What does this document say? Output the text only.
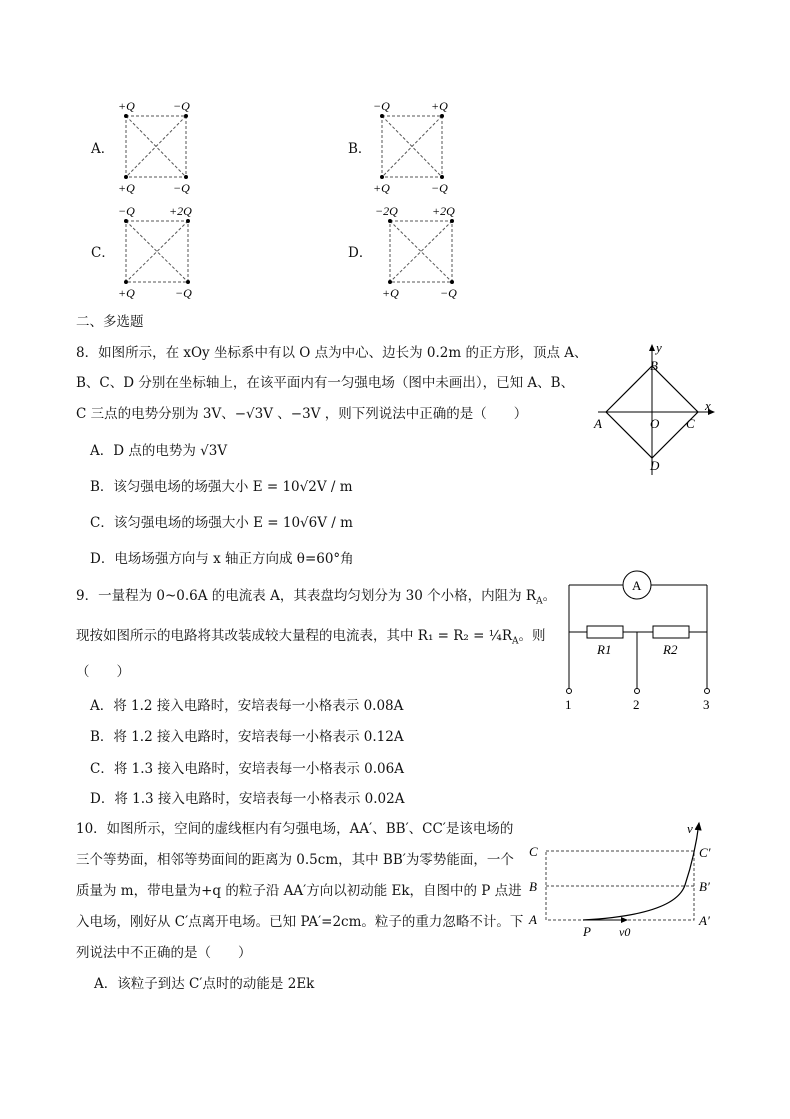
A．
+Q	−Q
+Q	−Q
B．
−Q	+Q
+Q	−Q
C．
−Q	+2Q
+Q	−Q
D．
−2Q	+2Q
+Q	−Q
二、多选题
8．如图所示，在 xOy 坐标系中有以 O 点为中心、边长为 0.2m 的正方形，顶点 A、
B、C、D 分别在坐标轴上，在该平面内有一匀强电场（图中未画出），已知 A、B、
C 三点的电势分别为 3V、−√3V 、−3V ，则下列说法中正确的是（　　）
A．D 点的电势为 √3V
B．该匀强电场的场强大小 E = 10√2V / m
C．该匀强电场的场强大小 E = 10√6V / m
D．电场场强方向与 x 轴正方向成 θ=60°角
x
y
A
B
C
D
O
9．一量程为 0~0.6A 的电流表 A，其表盘均匀划分为 30 个小格，内阻为 $R_A$。
现按如图所示的电路将其改装成较大量程的电流表，其中 $R_1 = R_2 = \frac{1}{4}R_A$。则
（　　）
A．将 1.2 接入电路时，安培表每一小格表示 0.08A
B．将 1.2 接入电路时，安培表每一小格表示 0.12A
C．将 1.3 接入电路时，安培表每一小格表示 0.06A
D．将 1.3 接入电路时，安培表每一小格表示 0.02A
A
R1	R2
1	2	3
10．如图所示，空间的虚线框内有匀强电场，AA′、BB′、CC′是该电场的
三个等势面，相邻等势面间的距离为 0.5cm，其中 BB′为零势能面，一个
质量为 m，带电量为+q 的粒子沿 AA′方向以初动能 Ek，自图中的 P 点进
入电场，刚好从 C′点离开电场。已知 PA′=2cm。粒子的重力忽略不计。下
列说法中不正确的是（　　）
A．该粒子到达 C′点时的动能是 2Ek
C
B
A
C′
B′
A′
P v0
v
